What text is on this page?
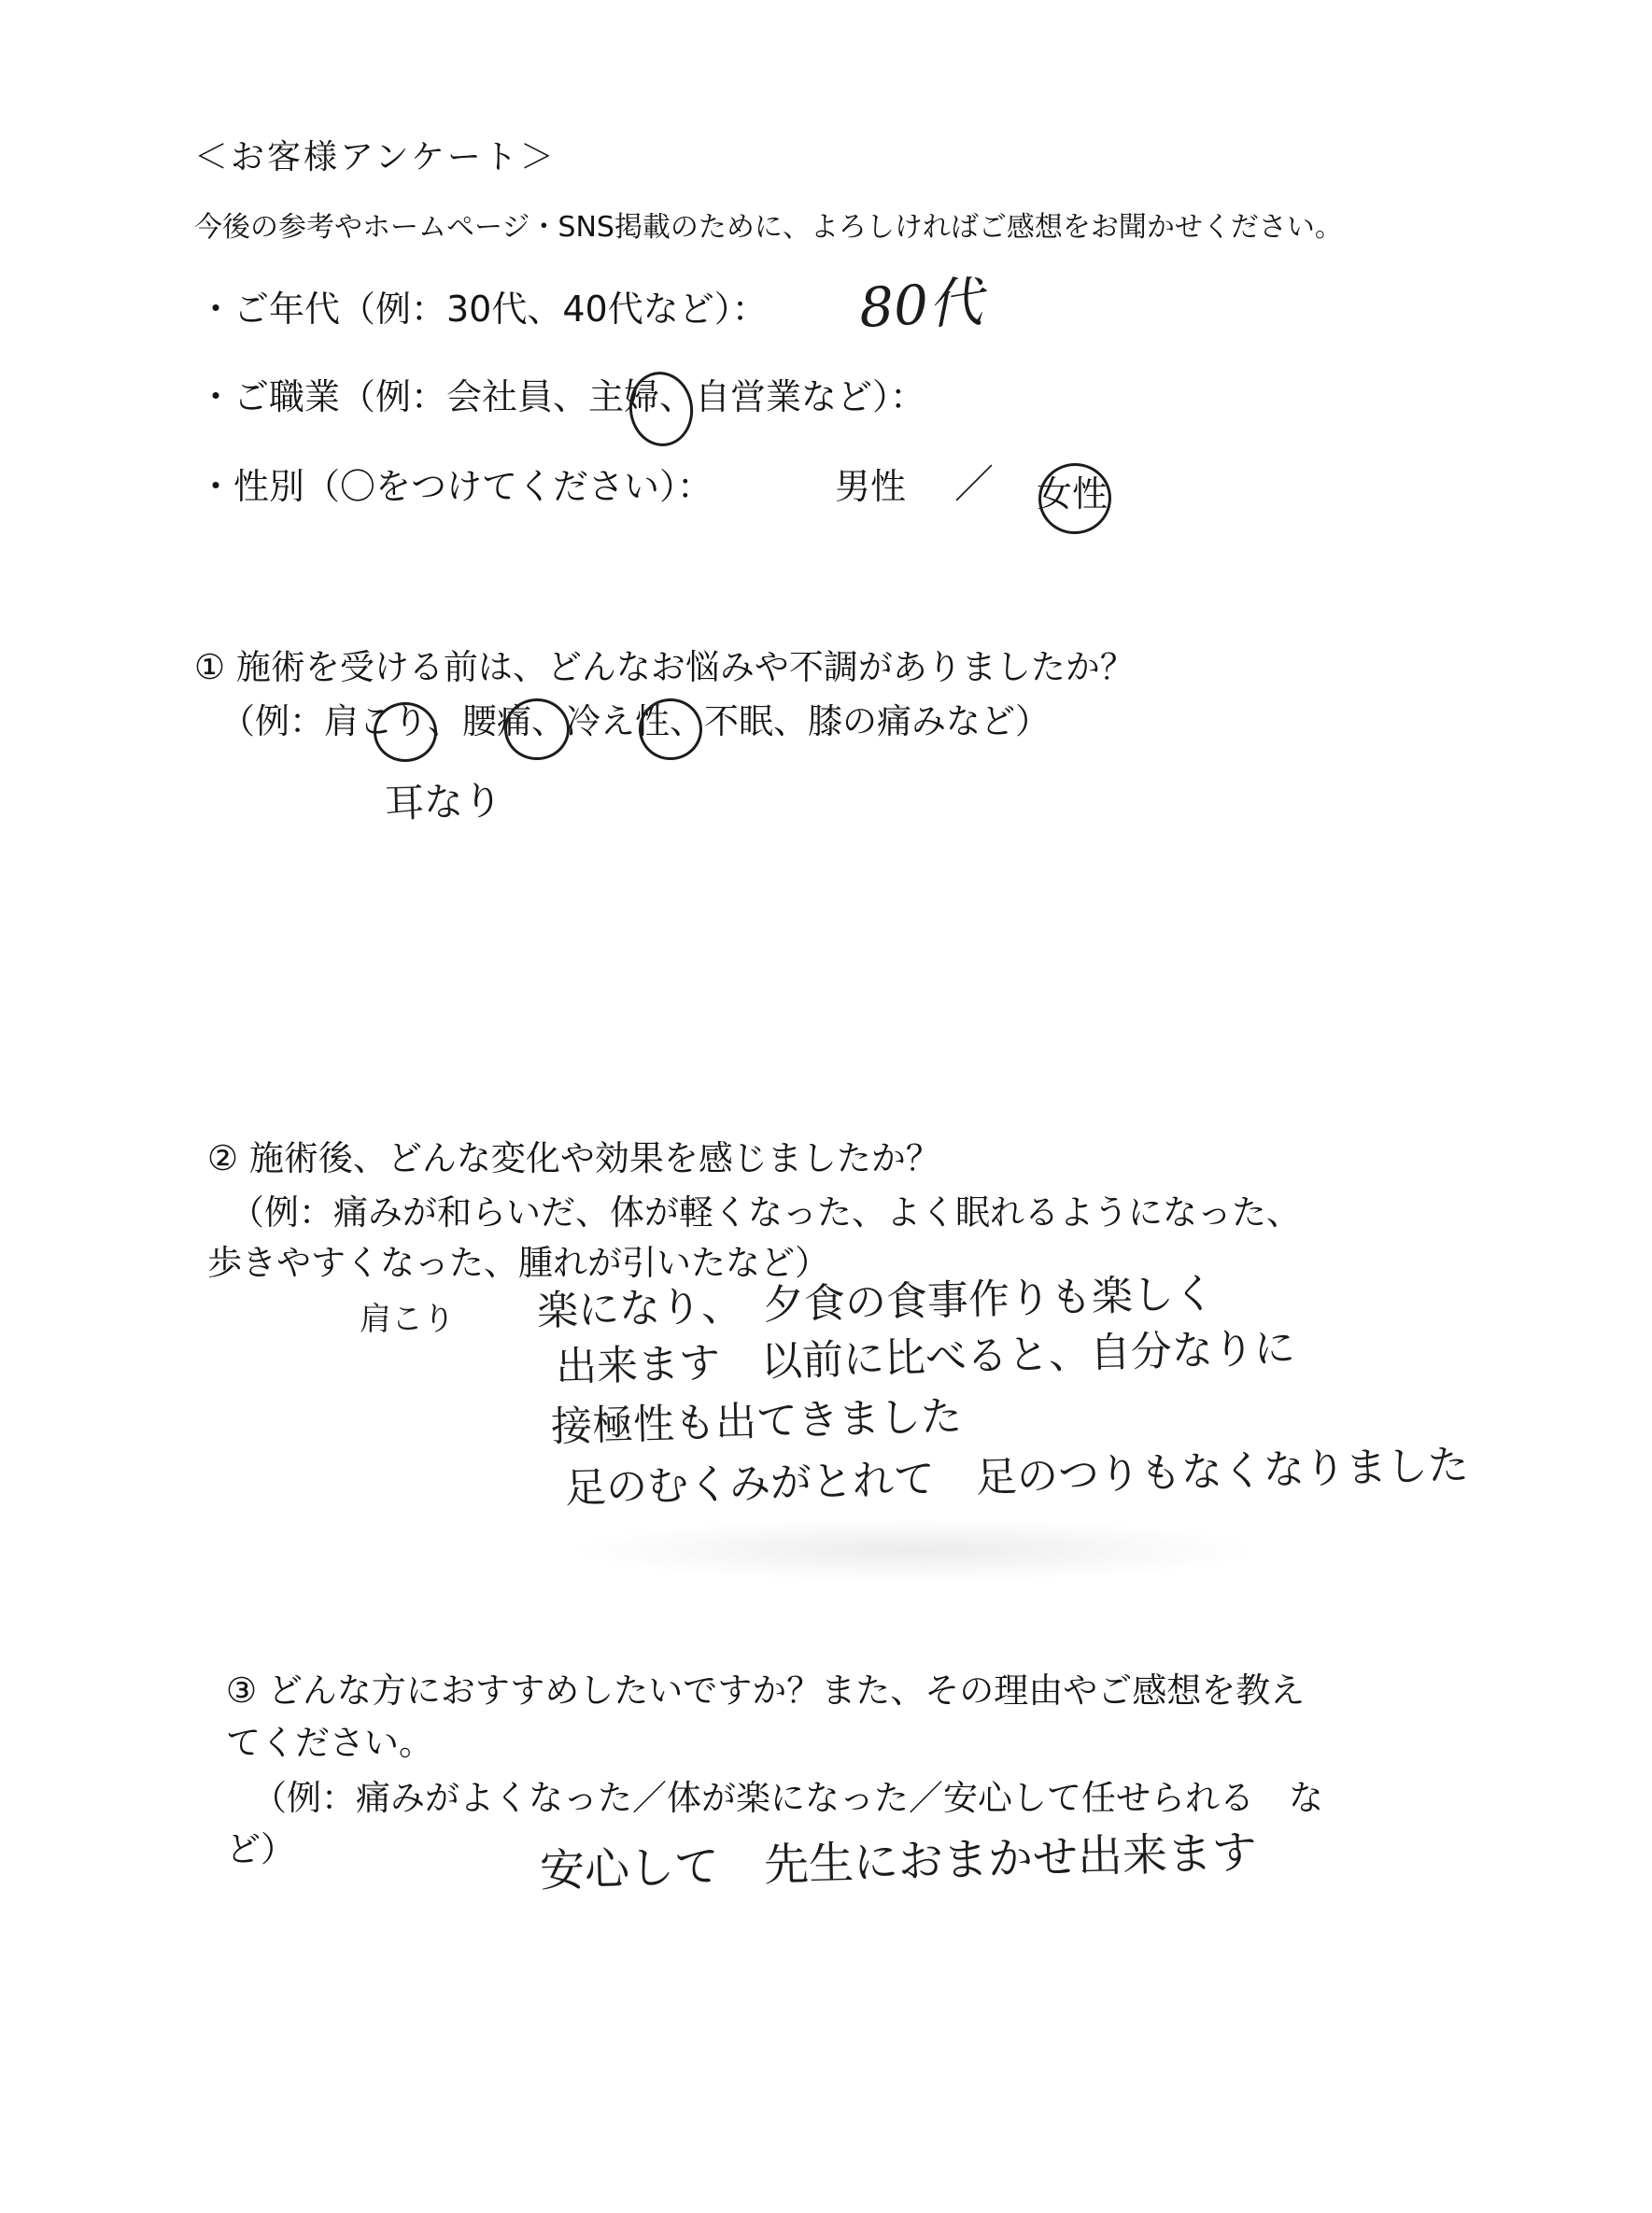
＜お客様アンケート＞
今後の参考やホームページ・SNS掲載のために、よろしければご感想をお聞かせください。
・ご年代（例：30代、40代など）： 80代
・ご職業（例：会社員、主婦、自営業など）：
・性別（〇をつけてください）：	男性 ／ 女性
① 施術を受ける前は、どんなお悩みや不調がありましたか？
（例：肩こり、腰痛、冷え性、不眠、膝の痛みなど）
耳なり
② 施術後、どんな変化や効果を感じましたか？
（例：痛みが和らいだ、体が軽くなった、よく眠れるようになった、
歩きやすくなった、腫れが引いたなど）
肩こり 楽になり、　夕食の食事作りも楽しく
出来ます　以前に比べると、自分なりに
接極性も出てきました
足のむくみがとれて　足のつりもなくなりました
③ どんな方におすすめしたいですか？また、その理由やご感想を教え
てください。
（例：痛みがよくなった／体が楽になった／安心して任せられる　な
ど）	安心して　先生におまかせ出来ます
